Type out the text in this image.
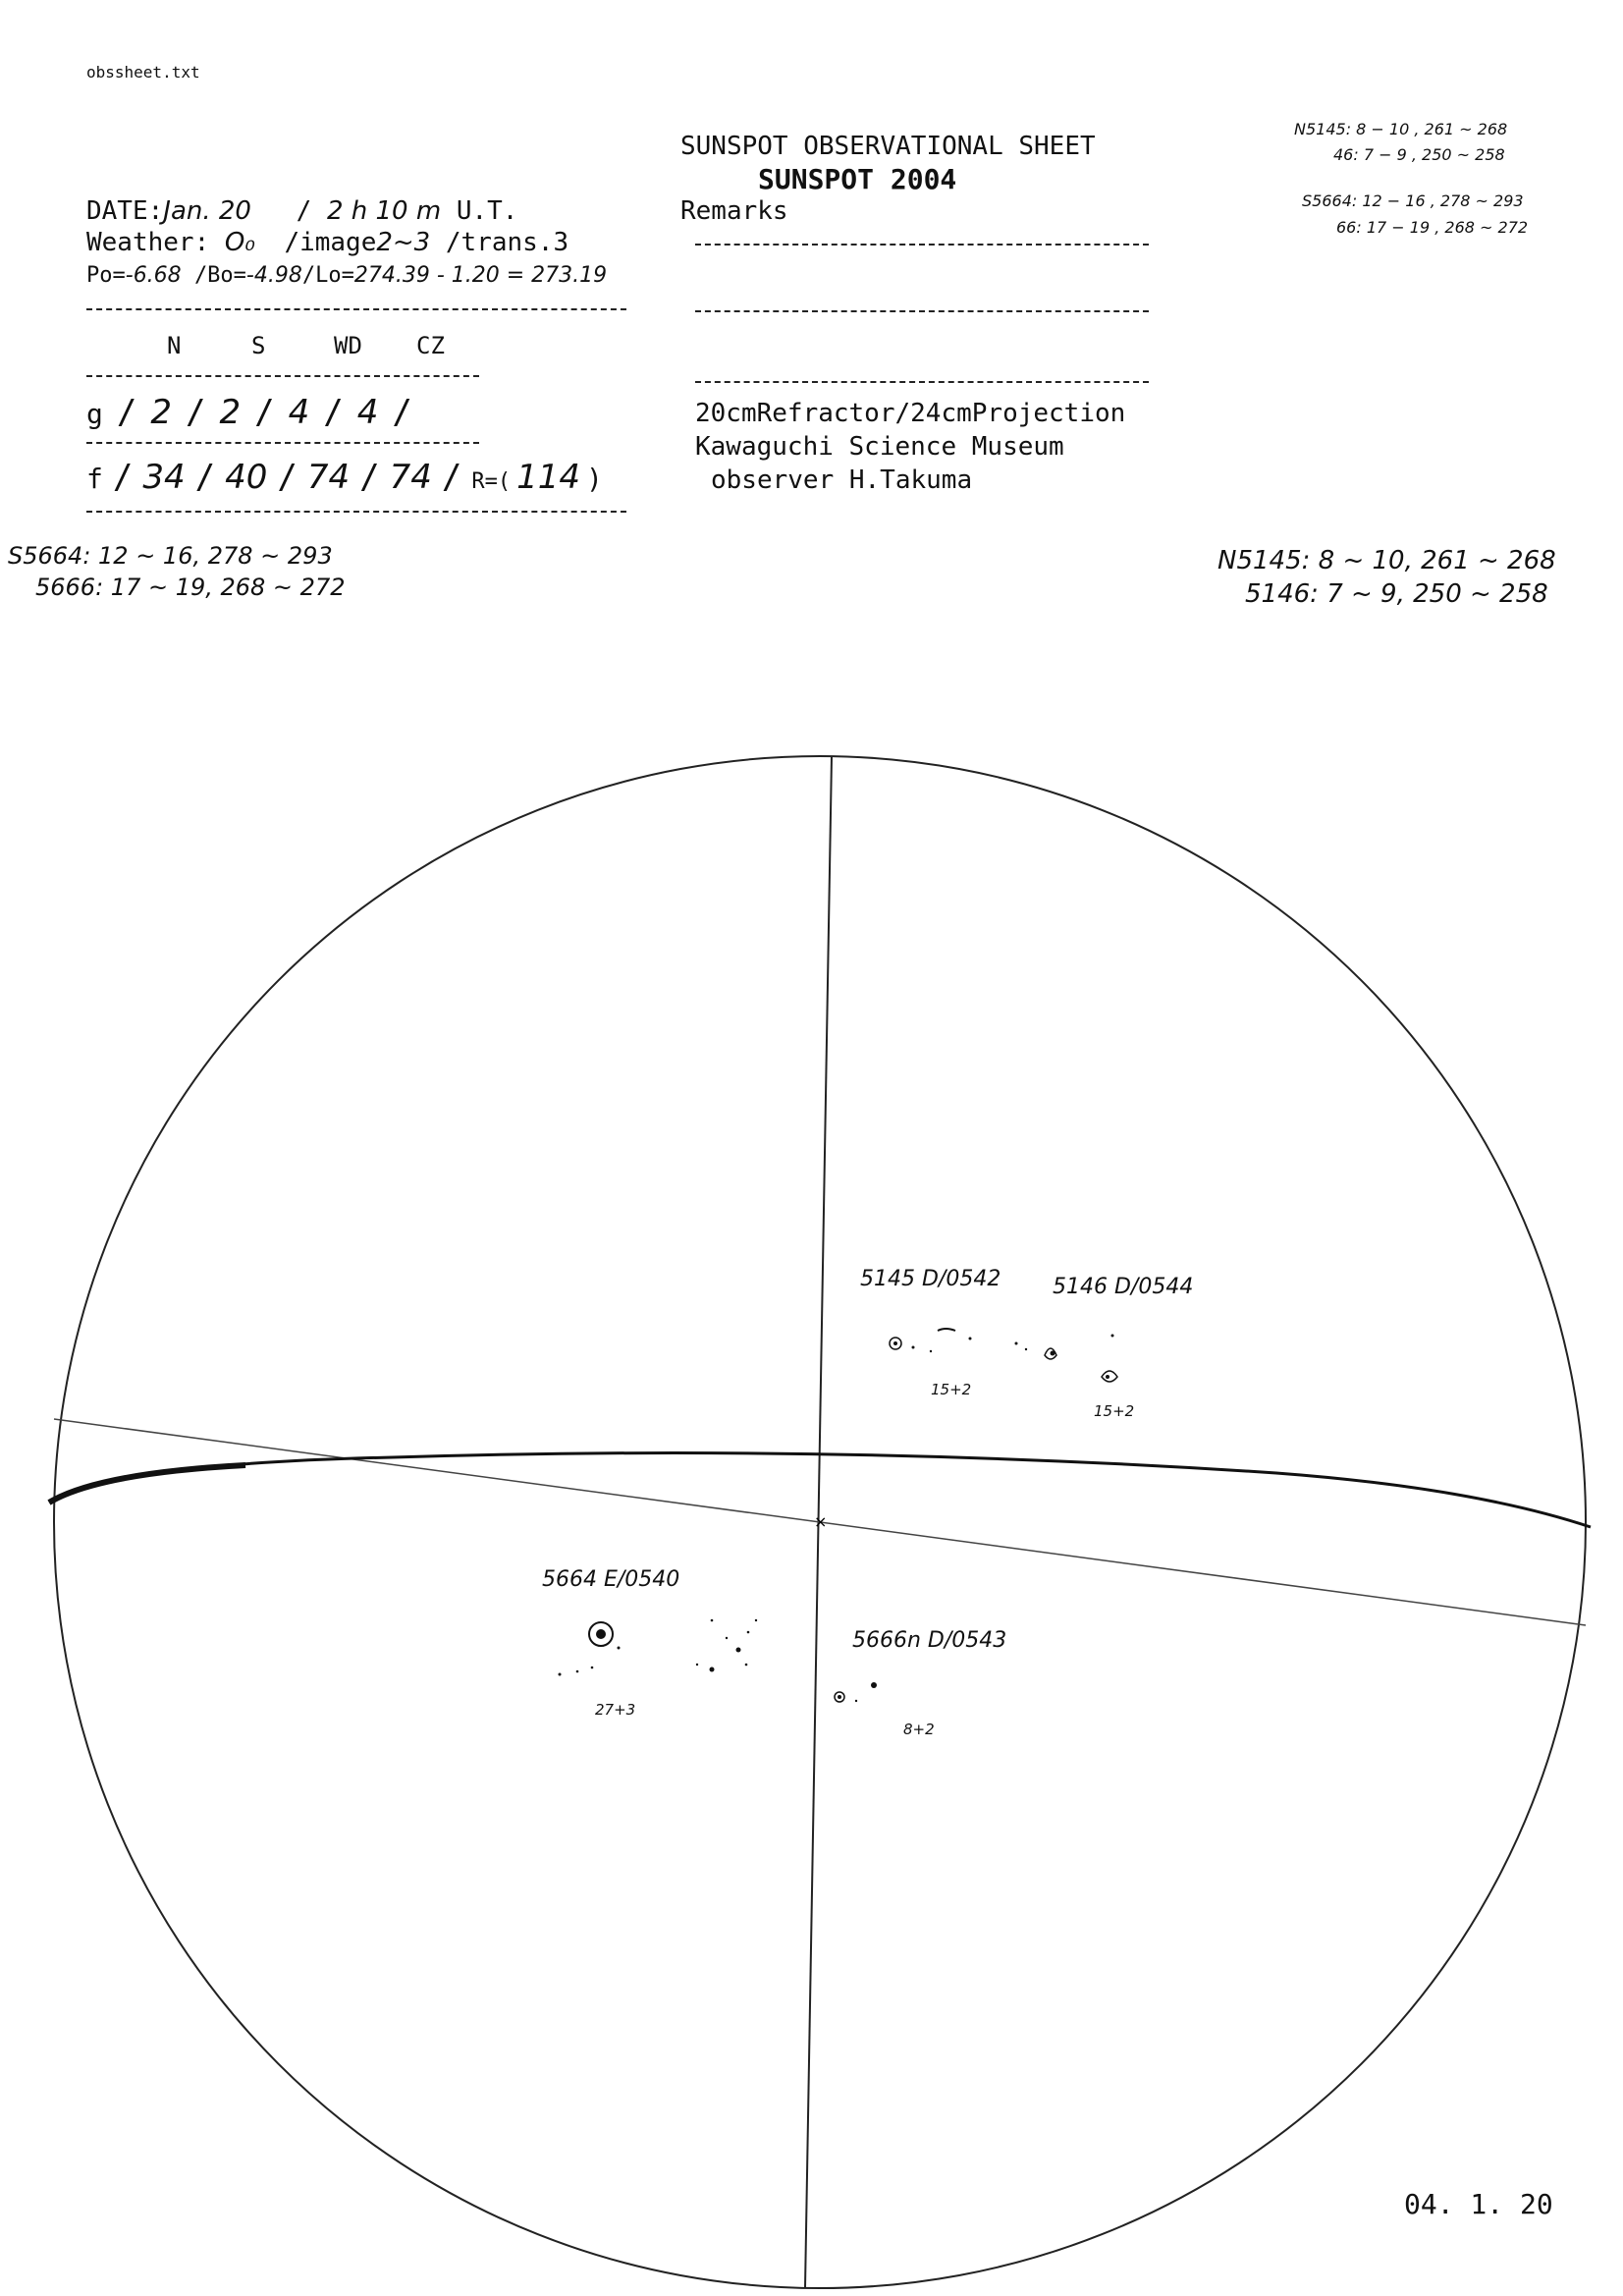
obssheet.txt
SUNSPOT OBSERVATIONAL SHEET
SUNSPOT 2004
Remarks
N5145: 8 − 10 , 261 ~ 268
46: 7 − 9 , 250 ~ 258
S5664: 12 − 16 , 278 ~ 293
66: 17 − 19 , 268 ~ 272
DATE:Jan. 20 / 2 h 10 m U.T.
Weather: O₀ /image2~3 /trans.3
Po=-6.68 /Bo=-4.98/Lo=274.39 - 1.20 = 273.19
N	S	WD CZ
g / 2 / 2 / 4 / 4 /
f / 34 / 40 / 74 / 74 / R=( 114 )
20cmRefractor/24cmProjection
Kawaguchi Science Museum
observer H.Takuma
S5664: 12 ~ 16, 278 ~ 293
5666: 17 ~ 19, 268 ~ 272
N5145: 8 ~ 10, 261 ~ 268
5146: 7 ~ 9, 250 ~ 258
×
5145 D/0542
15+2
5146 D/0544
15+2
5664 E/0540
27+3
5666n D/0543
8+2
04. 1. 20
